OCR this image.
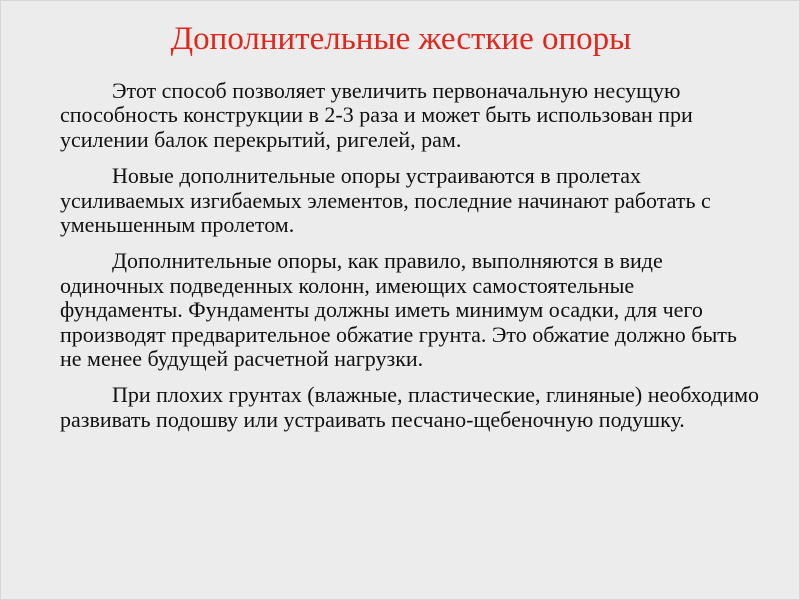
Дополнительные жесткие опоры

Этот способ позволяет увеличить первоначальную несущую способность конструкции в 2-3 раза и может быть использован при усилении балок перекрытий, ригелей, рам.

Новые дополнительные опоры устраиваются в пролетах усиливаемых изгибаемых элементов, последние начинают работать с уменьшенным пролетом.

Дополнительные опоры, как правило, выполняются в виде одиночных подведенных колонн, имеющих самостоятельные фундаменты. Фундаменты должны иметь минимум осадки, для чего производят предварительное обжатие грунта. Это обжатие должно быть не менее будущей расчетной нагрузки.

При плохих грунтах (влажные, пластические, глиняные) необходимо развивать подошву или устраивать песчано-щебеночную подушку.
